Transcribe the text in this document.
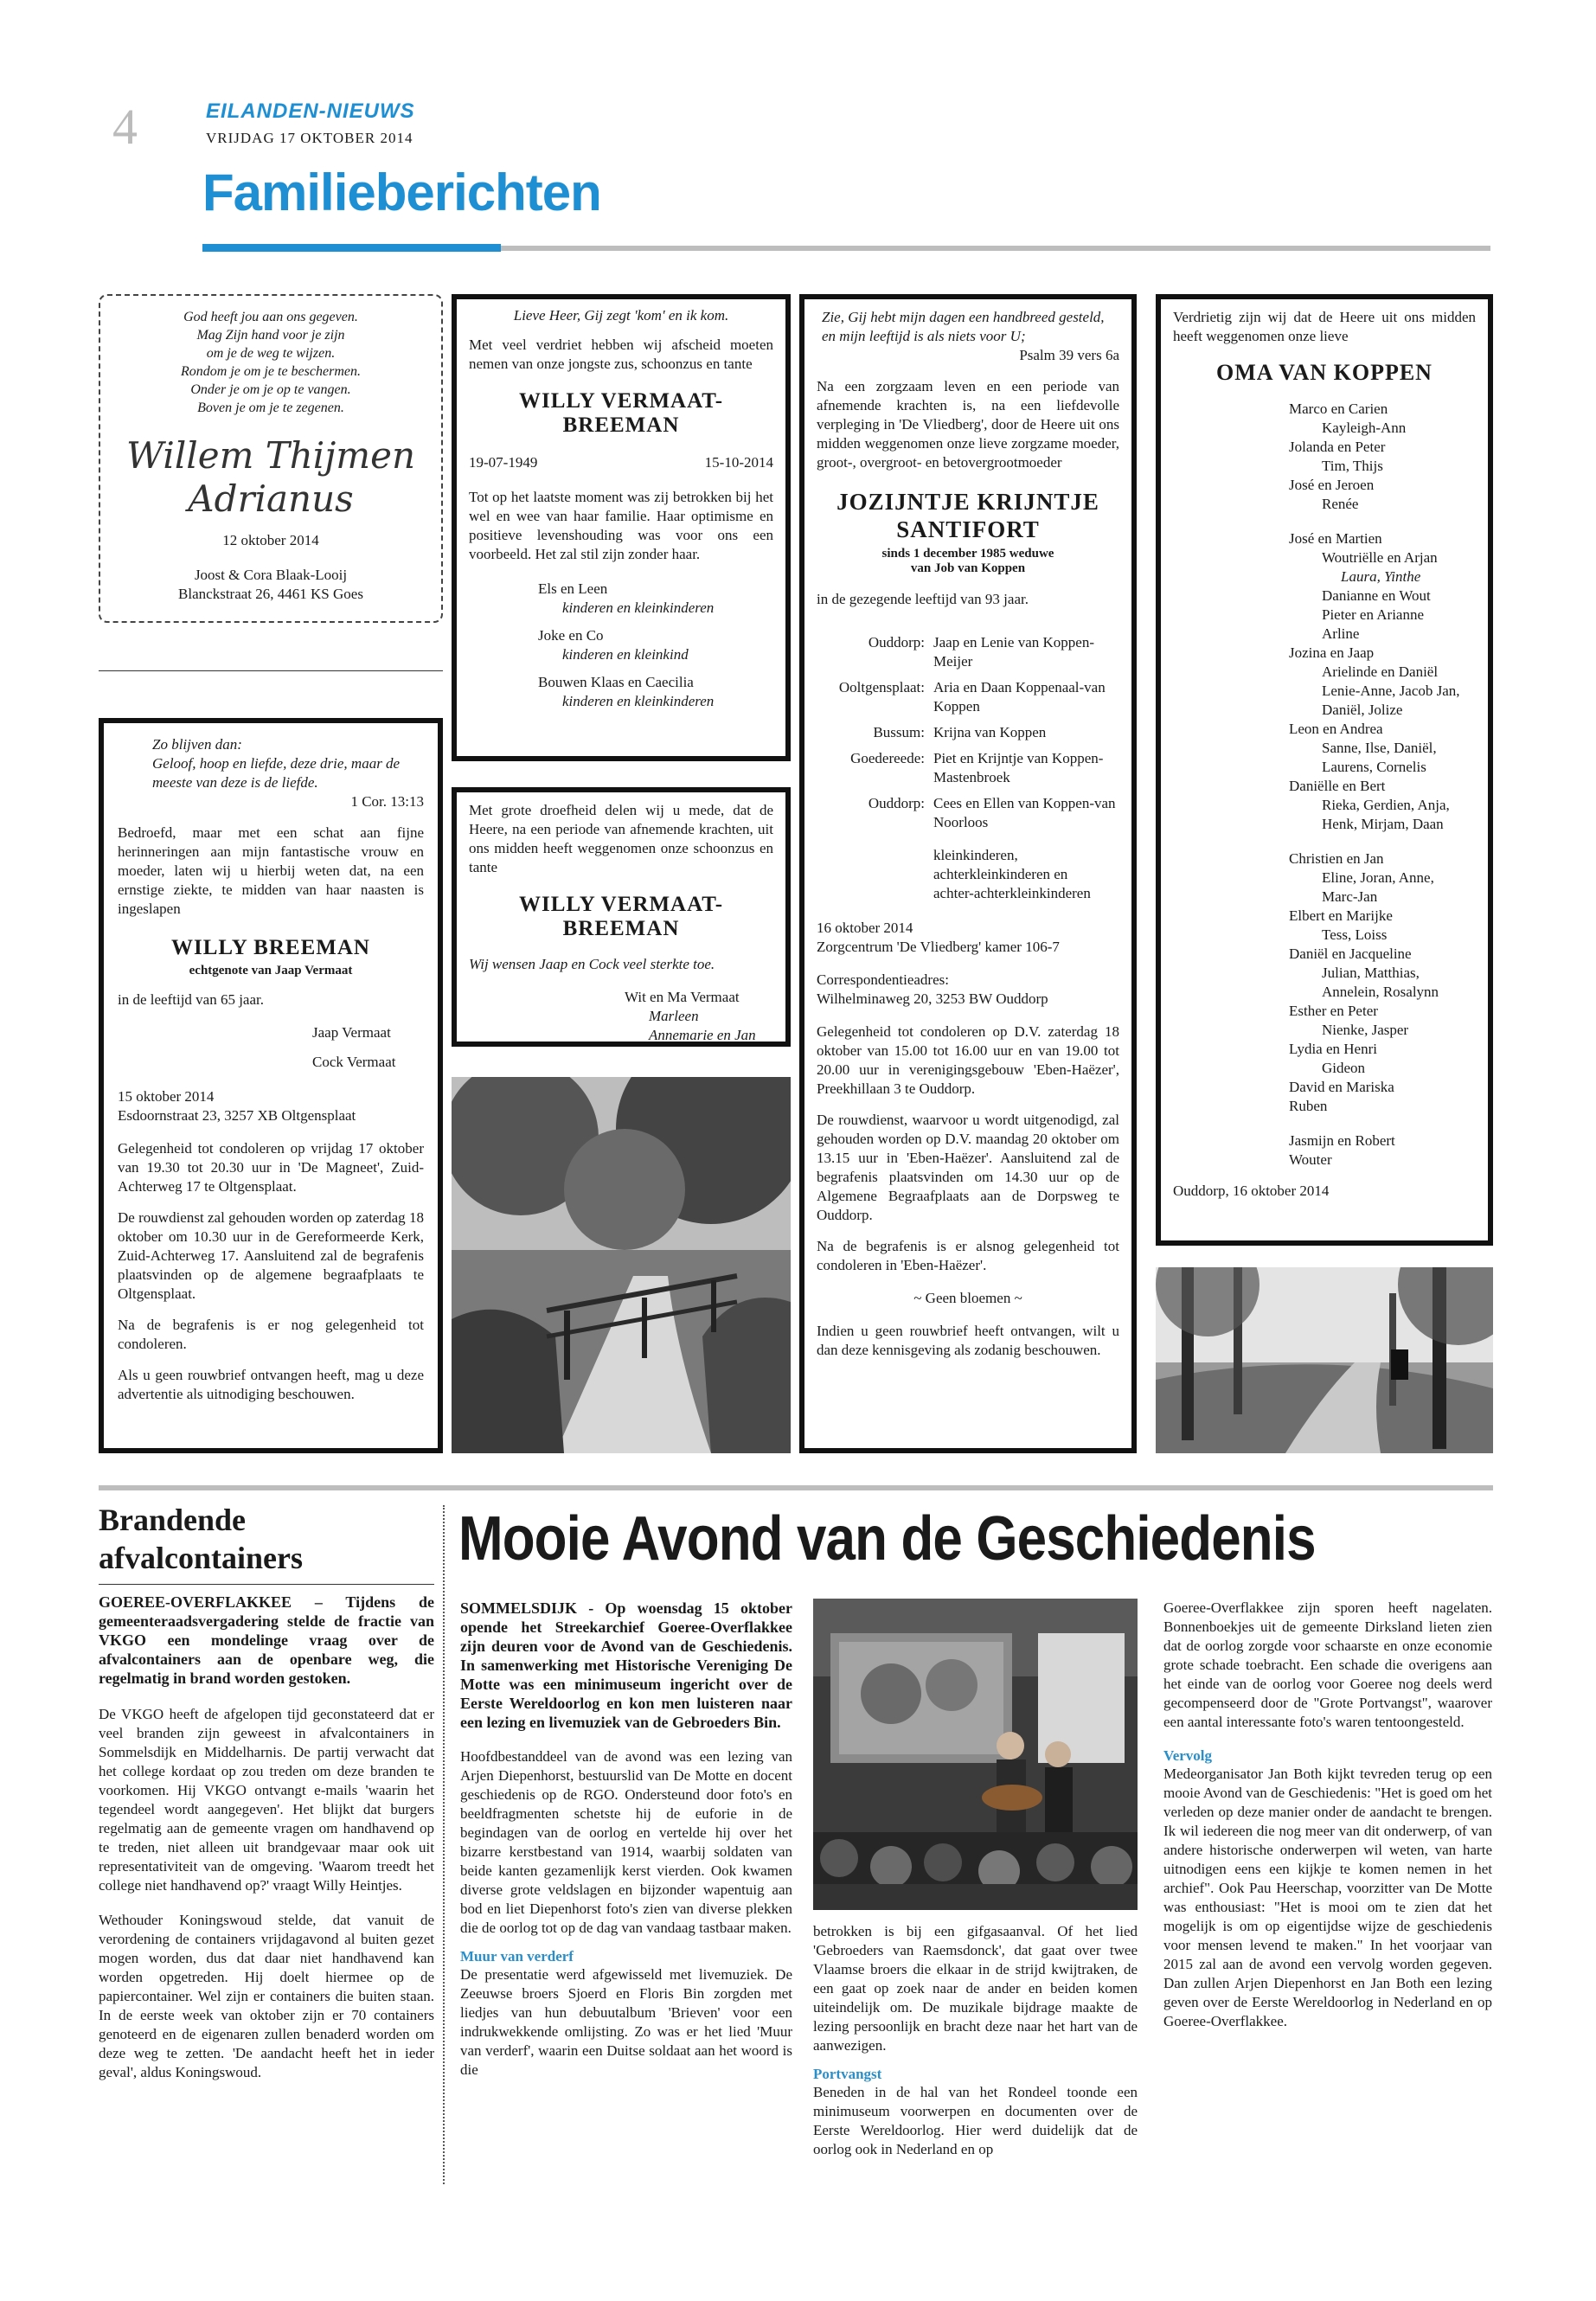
4	EILANDEN-NIEUWS
VRIJDAG 17 OKTOBER 2014
Familieberichten
God heeft jou aan ons gegeven.
Mag Zijn hand voor je zijn
om je de weg te wijzen.
Rondom je om je te beschermen.
Onder je om je op te vangen.
Boven je om je te zegenen.
Willem Thijmen
Adrianus
12 oktober 2014
Joost & Cora Blaak-Looij
Blanckstraat 26, 4461 KS Goes
Zo blijven dan:
Geloof, hoop en liefde, deze drie, maar de
meeste van deze is de liefde.
1 Cor. 13:13
Bedroefd, maar met een schat aan fijne herinneringen aan mijn fantastische vrouw en moeder, laten wij u hierbij weten dat, na een ernstige ziekte, te midden van haar naasten is ingeslapen
WILLY BREEMAN
echtgenote van Jaap Vermaat
in de leeftijd van 65 jaar.
Jaap Vermaat
Cock Vermaat
15 oktober 2014
Esdoornstraat 23, 3257 XB Oltgensplaat
Gelegenheid tot condoleren op vrijdag 17 oktober van 19.30 tot 20.30 uur in 'De Magneet', Zuid-Achterweg 17 te Oltgensplaat.
De rouwdienst zal gehouden worden op zaterdag 18 oktober om 10.30 uur in de Gereformeerde Kerk, Zuid-Achterweg 17. Aansluitend zal de begrafenis plaatsvinden op de algemene begraafplaats te Oltgensplaat.
Na de begrafenis is er nog gelegenheid tot condoleren.
Als u geen rouwbrief ontvangen heeft, mag u deze advertentie als uitnodiging beschouwen.
Lieve Heer, Gij zegt 'kom' en ik kom.
Met veel verdriet hebben wij afscheid moeten nemen van onze jongste zus, schoonzus en tante
WILLY VERMAAT-BREEMAN
19-07-1949	15-10-2014
Tot op het laatste moment was zij betrokken bij het wel en wee van haar familie. Haar optimisme en positieve levenshouding was voor ons een voorbeeld. Het zal stil zijn zonder haar.
Els en Leen
kinderen en kleinkinderen
Joke en Co
kinderen en kleinkind
Bouwen Klaas en Caecilia
kinderen en kleinkinderen
Met grote droefheid delen wij u mede, dat de Heere, na een periode van afnemende krachten, uit ons midden heeft weggenomen onze schoonzus en tante
WILLY VERMAAT-BREEMAN
Wij wensen Jaap en Cock veel sterkte toe.
Wit en Ma Vermaat
Marleen
Annemarie en Jan
Zie, Gij hebt mijn dagen een handbreed gesteld,
en mijn leeftijd is als niets voor U;
Psalm 39 vers 6a
Na een zorgzaam leven en een periode van afnemende krachten is, na een liefdevolle verpleging in 'De Vliedberg', door de Heere uit ons midden weggenomen onze lieve zorgzame moeder, groot-, overgroot- en betovergrootmoeder
JOZIJNTJE KRIJNTJE
SANTIFORT
sinds 1 december 1985 weduwe
van Job van Koppen
in de gezegende leeftijd van 93 jaar.
Ouddorp: Jaap en Lenie van Koppen-Meijer
Ooltgensplaat: Aria en Daan Koppenaal-van Koppen
Bussum: Krijna van Koppen
Goedereede: Piet en Krijntje van Koppen-Mastenbroek
Ouddorp: Cees en Ellen van Koppen-van Noorloos
kleinkinderen,
achterkleinkinderen en
achter-achterkleinkinderen
16 oktober 2014
Zorgcentrum 'De Vliedberg' kamer 106-7
Correspondentieadres:
Wilhelminaweg 20, 3253 BW Ouddorp
Gelegenheid tot condoleren op D.V. zaterdag 18 oktober van 15.00 tot 16.00 uur en van 19.00 tot 20.00 uur in verenigingsgebouw 'Eben-Haëzer', Preekhillaan 3 te Ouddorp.
De rouwdienst, waarvoor u wordt uitgenodigd, zal gehouden worden op D.V. maandag 20 oktober om 13.15 uur in 'Eben-Haëzer'. Aansluitend zal de begrafenis plaatsvinden om 14.30 uur op de Algemene Begraafplaats aan de Dorpsweg te Ouddorp.
Na de begrafenis is er alsnog gelegenheid tot condoleren in 'Eben-Haëzer'.
~ Geen bloemen ~
Indien u geen rouwbrief heeft ontvangen, wilt u dan deze kennisgeving als zodanig beschouwen.
Verdrietig zijn wij dat de Heere uit ons midden heeft weggenomen onze lieve
OMA VAN KOPPEN
Marco en Carien
Kayleigh-Ann
Jolanda en Peter
Tim, Thijs
José en Jeroen
Renée
José en Martien
Woutriëlle en Arjan
Laura, Yinthe
Danianne en Wout
Pieter en Arianne
Arline
Jozina en Jaap
Arielinde en Daniël
Lenie-Anne, Jacob Jan,
Daniël, Jolize
Leon en Andrea
Sanne, Ilse, Daniël,
Laurens, Cornelis
Daniëlle en Bert
Rieka, Gerdien, Anja,
Henk, Mirjam, Daan
Christien en Jan
Eline, Joran, Anne,
Marc-Jan
Elbert en Marijke
Tess, Loiss
Daniël en Jacqueline
Julian, Matthias,
Annelein, Rosalynn
Esther en Peter
Nienke, Jasper
Lydia en Henri
Gideon
David en Mariska
Ruben
Jasmijn en Robert
Wouter
Ouddorp, 16 oktober 2014
Brandende afvalcontainers
GOEREE-OVERFLAKKEE – Tijdens de gemeenteraadsvergadering stelde de fractie van VKGO een mondelinge vraag over de afvalcontainers aan de openbare weg, die regelmatig in brand worden gestoken.
De VKGO heeft de afgelopen tijd geconstateerd dat er veel branden zijn geweest in afvalcontainers in Sommelsdijk en Middelharnis. De partij verwacht dat het college kordaat op zou treden om deze branden te voorkomen. Hij VKGO ontvangt e-mails 'waarin het tegendeel wordt aangegeven'. Het blijkt dat burgers regelmatig aan de gemeente vragen om handhavend op te treden, niet alleen uit brandgevaar maar ook uit representativiteit van de omgeving. 'Waarom treedt het college niet handhavend op?' vraagt Willy Heintjes.
Wethouder Koningswoud stelde, dat vanuit de verordening de containers vrijdagavond al buiten gezet mogen worden, dus dat daar niet handhavend kan worden opgetreden. Hij doelt hiermee op de papiercontainer. Wel zijn er containers die buiten staan. In de eerste week van oktober zijn er 70 containers genoteerd en de eigenaren zullen benaderd worden om deze weg te zetten. 'De aandacht heeft het in ieder geval', aldus Koningswoud.
Mooie Avond van de Geschiedenis
SOMMELSDIJK - Op woensdag 15 oktober opende het Streekarchief Goeree-Overflakkee zijn deuren voor de Avond van de Geschiedenis. In samenwerking met Historische Vereniging De Motte was een minimuseum ingericht over de Eerste Wereldoorlog en kon men luisteren naar een lezing en livemuziek van de Gebroeders Bin.
Hoofdbestanddeel van de avond was een lezing van Arjen Diepenhorst, bestuurslid van De Motte en docent geschiedenis op de RGO. Ondersteund door foto's en beeldfragmenten schetste hij de euforie in de begindagen van de oorlog en vertelde hij over het bizarre kerstbestand van 1914, waarbij soldaten van beide kanten gezamenlijk kerst vierden. Ook kwamen diverse grote veldslagen en bijzonder wapentuig aan bod en liet Diepenhorst foto's zien van diverse plekken die de oorlog tot op de dag van vandaag tastbaar maken.
Muur van verderf
De presentatie werd afgewisseld met livemuziek. De Zeeuwse broers Sjoerd en Floris Bin zorgden met liedjes van hun debuutalbum 'Brieven' voor een indrukwekkende omlijsting. Zo was er het lied 'Muur van verderf', waarin een Duitse soldaat aan het woord is die
betrokken is bij een gifgasaanval. Of het lied 'Gebroeders van Raemsdonck', dat gaat over twee Vlaamse broers die elkaar in de strijd kwijtraken, de een gaat op zoek naar de ander en beiden komen uiteindelijk om. De muzikale bijdrage maakte de lezing persoonlijk en bracht deze naar het hart van de aanwezigen.
Portvangst
Beneden in de hal van het Rondeel toonde een minimuseum voorwerpen en documenten over de Eerste Wereldoorlog. Hier werd duidelijk dat de oorlog ook in Nederland en op
Goeree-Overflakkee zijn sporen heeft nagelaten. Bonnenboekjes uit de gemeente Dirksland lieten zien dat de oorlog zorgde voor schaarste en onze economie grote schade toebracht. Een schade die overigens aan het einde van de oorlog voor Goeree nog deels werd gecompenseerd door de "Grote Portvangst", waarover een aantal interessante foto's waren tentoongesteld.
Vervolg
Medeorganisator Jan Both kijkt tevreden terug op een mooie Avond van de Geschiedenis: "Het is goed om het verleden op deze manier onder de aandacht te brengen. Ik wil iedereen die nog meer van dit onderwerp, of van andere historische onderwerpen wil weten, van harte uitnodigen eens een kijkje te komen nemen in het archief". Ook Pau Heerschap, voorzitter van De Motte was enthousiast: "Het is mooi om te zien dat het mogelijk is om op eigentijdse wijze de geschiedenis voor mensen levend te maken." In het voorjaar van 2015 zal aan de avond een vervolg worden gegeven. Dan zullen Arjen Diepenhorst en Jan Both een lezing geven over de Eerste Wereldoorlog in Nederland en op Goeree-Overflakkee.
